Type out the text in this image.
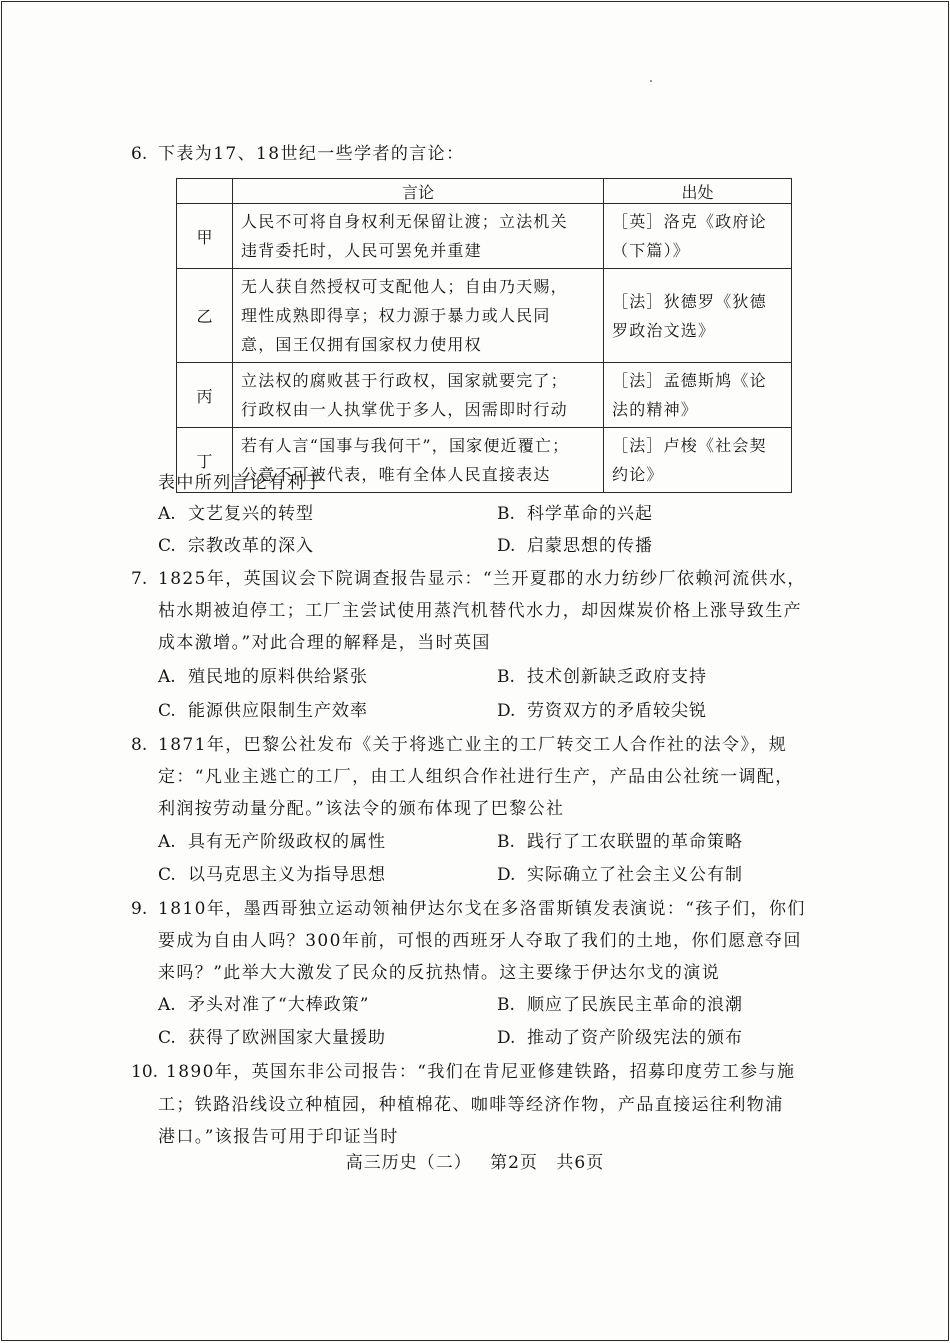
6. 下表为17、18世纪一些学者的言论：
	言论	出处
甲	人民不可将自身权利无保留让渡；立法机关
违背委托时，人民可罢免并重建	［英］洛克《政府论
（下篇）》

乙	无人获自然授权可支配他人；自由乃天赐，
理性成熟即得享；权力源于暴力或人民同
意，国王仅拥有国家权力使用权	［法］狄德罗《狄德
罗政治文选》

丙	立法权的腐败甚于行政权，国家就要完了；
行政权由一人执掌优于多人，因需即时行动	［法］孟德斯鸠《论
法的精神》

丁	若有人言“国事与我何干”，国家便近覆亡；
公意不可被代表，唯有全体人民直接表达	［法］卢梭《社会契
约论》
表中所列言论有利于
A. 文艺复兴的转型	B. 科学革命的兴起
C. 宗教改革的深入	D. 启蒙思想的传播
7. 1825年，英国议会下院调查报告显示：“兰开夏郡的水力纺纱厂依赖河流供水，
枯水期被迫停工；工厂主尝试使用蒸汽机替代水力，却因煤炭价格上涨导致生产
成本激增。”对此合理的解释是，当时英国
A. 殖民地的原料供给紧张	B. 技术创新缺乏政府支持
C. 能源供应限制生产效率	D. 劳资双方的矛盾较尖锐
8. 1871年，巴黎公社发布《关于将逃亡业主的工厂转交工人合作社的法令》，规
定：“凡业主逃亡的工厂，由工人组织合作社进行生产，产品由公社统一调配，
利润按劳动量分配。”该法令的颁布体现了巴黎公社
A. 具有无产阶级政权的属性	B. 践行了工农联盟的革命策略
C. 以马克思主义为指导思想	D. 实际确立了社会主义公有制
9. 1810年，墨西哥独立运动领袖伊达尔戈在多洛雷斯镇发表演说：“孩子们，你们
要成为自由人吗？300年前，可恨的西班牙人夺取了我们的土地，你们愿意夺回
来吗？”此举大大激发了民众的反抗热情。这主要缘于伊达尔戈的演说
A. 矛头对准了“大棒政策”	B. 顺应了民族民主革命的浪潮
C. 获得了欧洲国家大量援助	D. 推动了资产阶级宪法的颁布
10. 1890年，英国东非公司报告：“我们在肯尼亚修建铁路，招募印度劳工参与施
工；铁路沿线设立种植园，种植棉花、咖啡等经济作物，产品直接运往利物浦
港口。”该报告可用于印证当时
高三历史（二） 第2页 共6页
